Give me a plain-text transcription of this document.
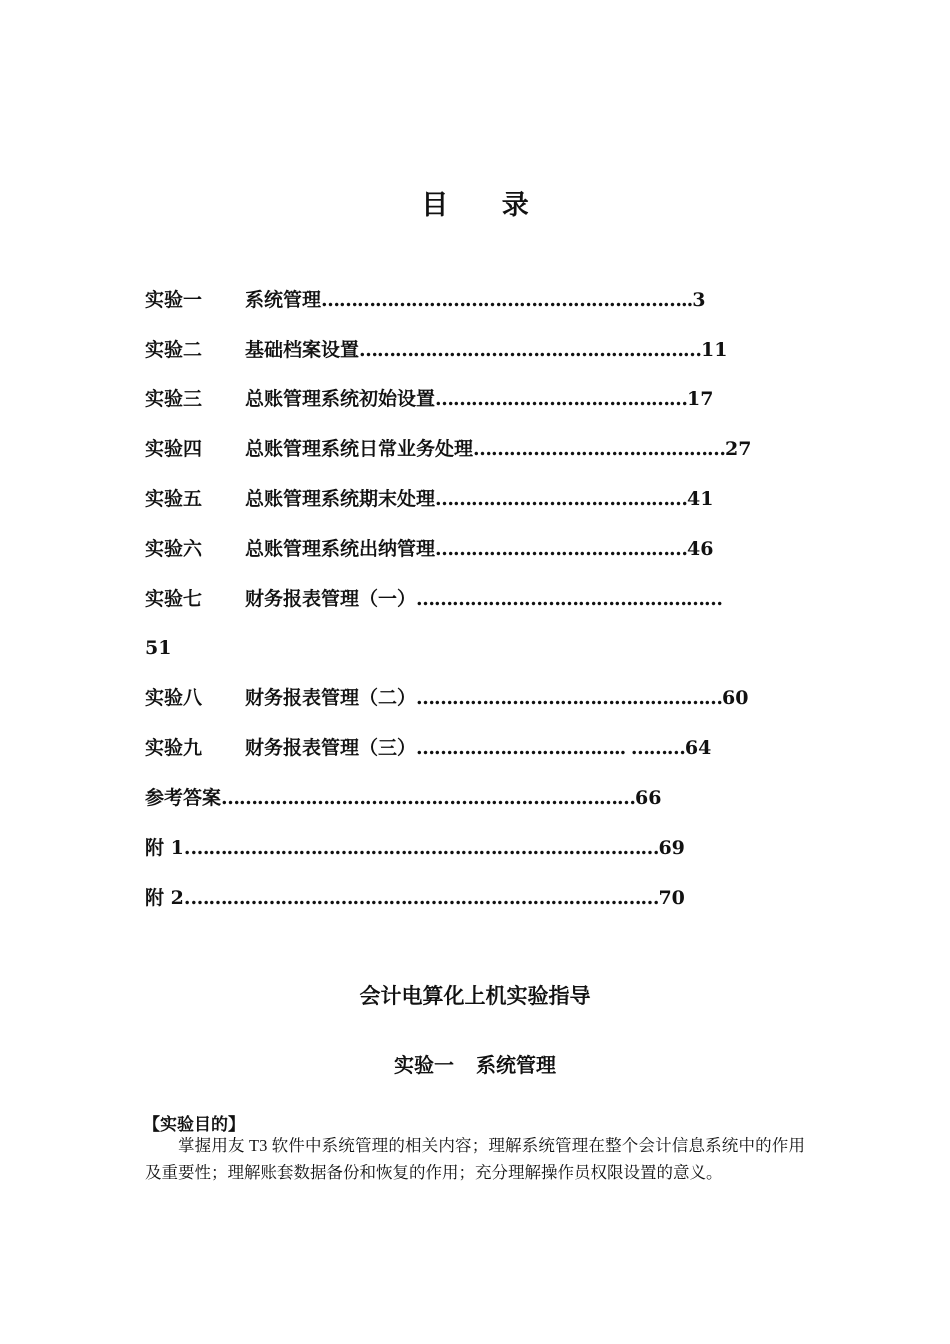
目 录
实验一 系统管理……………………………………………………..3
实验二 基础档案设置…………………………………………………11
实验三 总账管理系统初始设置……………………………………17
实验四 总账管理系统日常业务处理……………………………………27
实验五 总账管理系统期末处理……………………………………41
实验六 总账管理系统出纳管理……………………………………46
实验七 财务报表管理（一）……………………………………………
51
实验八 财务报表管理（二）……………………………………………60
实验九 财务报表管理（三）…………………………….. ………64
参考答案……………………………………………………………66
附 1.……………………………………………………………………69
附 2.……………………………………………………………………70
会计电算化上机实验指导
实验一 系统管理
【实验目的】
掌握用友 T3 软件中系统管理的相关内容；理解系统管理在整个会计信息系统中的作用及重要性；理解账套数据备份和恢复的作用；充分理解操作员权限设置的意义。
